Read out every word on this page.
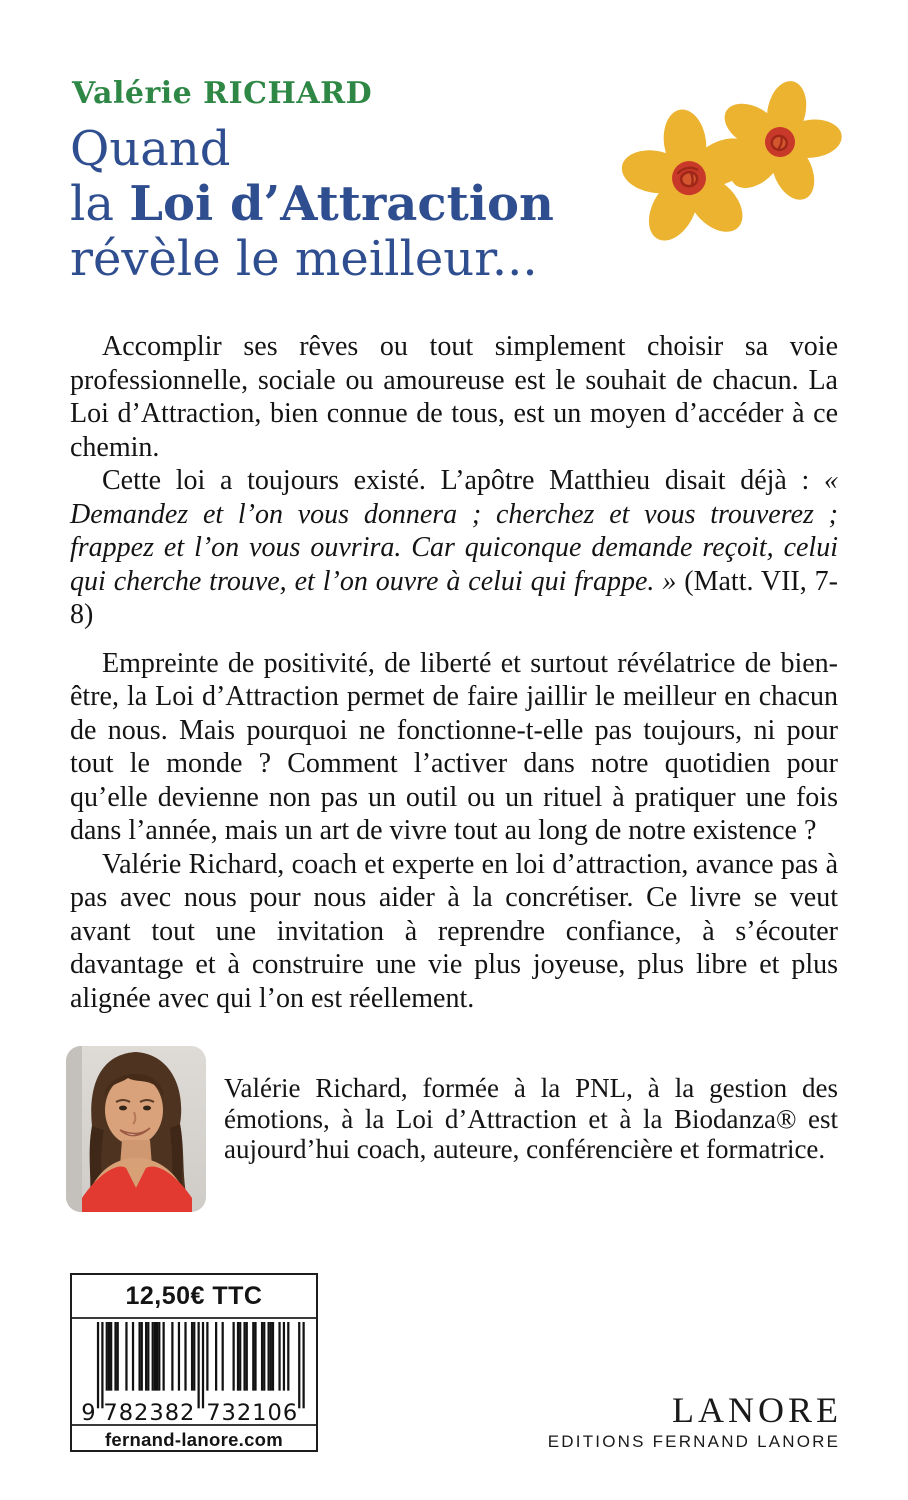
Valérie RICHARD
Quand
la Loi d’Attraction
révèle le meilleur...

Accomplir ses rêves ou tout simplement choisir sa voie professionnelle, sociale ou amoureuse est le souhait de chacun. La Loi d’Attraction, bien connue de tous, est un moyen d’accéder à ce chemin.

Cette loi a toujours existé. L’apôtre Matthieu disait déjà : « Demandez et l’on vous donnera ; cherchez et vous trouverez ; frappez et l’on vous ouvrira. Car quiconque demande reçoit, celui qui cherche trouve, et l’on ouvre à celui qui frappe. » (Matt. VII, 7-8)

Empreinte de positivité, de liberté et surtout révélatrice de bien-être, la Loi d’Attraction permet de faire jaillir le meilleur en chacun de nous. Mais pourquoi ne fonctionne-t-elle pas toujours, ni pour tout le monde ? Comment l’activer dans notre quotidien pour qu’elle devienne non pas un outil ou un rituel à pratiquer une fois dans l’année, mais un art de vivre tout au long de notre existence ?

Valérie Richard, coach et experte en loi d’attraction, avance pas à pas avec nous pour nous aider à la concrétiser. Ce livre se veut avant tout une invitation à reprendre confiance, à s’écouter davantage et à construire une vie plus joyeuse, plus libre et plus alignée avec qui l’on est réellement.

Valérie Richard, formée à la PNL, à la gestion des émotions, à la Loi d’Attraction et à la Biodanza® est aujourd’hui coach, auteure, conférencière et formatrice.

12,50€ TTC
9 782382 732106
fernand-lanore.com
LANORE
EDITIONS FERNAND LANORE
